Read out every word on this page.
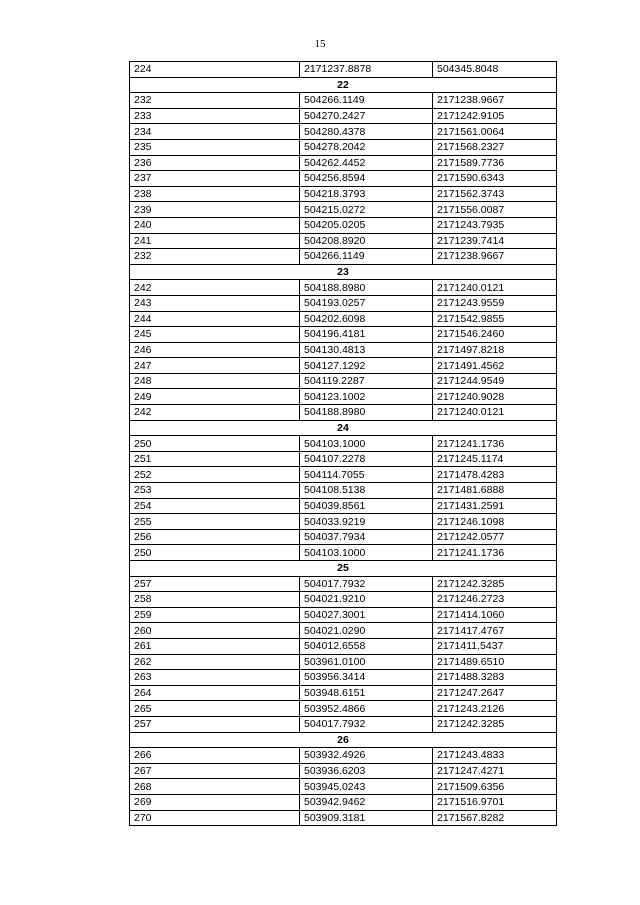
15
224	2171237.8878	504345.8048
22		
232	504266.1149	2171238.9667
233	504270.2427	2171242.9105
234	504280.4378	2171561.0064
235	504278.2042	2171568.2327
236	504262.4452	2171589.7736
237	504256.8594	2171590.6343
238	504218.3793	2171562.3743
239	504215.0272	2171556.0087
240	504205.0205	2171243.7935
241	504208.8920	2171239.7414
232	504266.1149	2171238.9667
23		
242	504188.8980	2171240.0121
243	504193.0257	2171243.9559
244	504202.6098	2171542.9855
245	504196.4181	2171546.2460
246	504130.4813	2171497.8218
247	504127.1292	2171491.4562
248	504119.2287	2171244.9549
249	504123.1002	2171240.9028
242	504188.8980	2171240.0121
24		
250	504103.1000	2171241.1736
251	504107.2278	2171245.1174
252	504114.7055	2171478.4283
253	504108.5138	2171481.6888
254	504039.8561	2171431.2591
255	504033.9219	2171246.1098
256	504037.7934	2171242.0577
250	504103.1000	2171241.1736
25		
257	504017.7932	2171242.3285
258	504021.9210	2171246.2723
259	504027.3001	2171414.1060
260	504021.0290	2171417.4767
261	504012.6558	2171411.5437
262	503961.0100	2171489.6510
263	503956.3414	2171488.3283
264	503948.6151	2171247.2647
265	503952.4866	2171243.2126
257	504017.7932	2171242.3285
26		
266	503932.4926	2171243.4833
267	503936.6203	2171247.4271
268	503945.0243	2171509.6356
269	503942.9462	2171516.9701
270	503909.3181	2171567.8282
